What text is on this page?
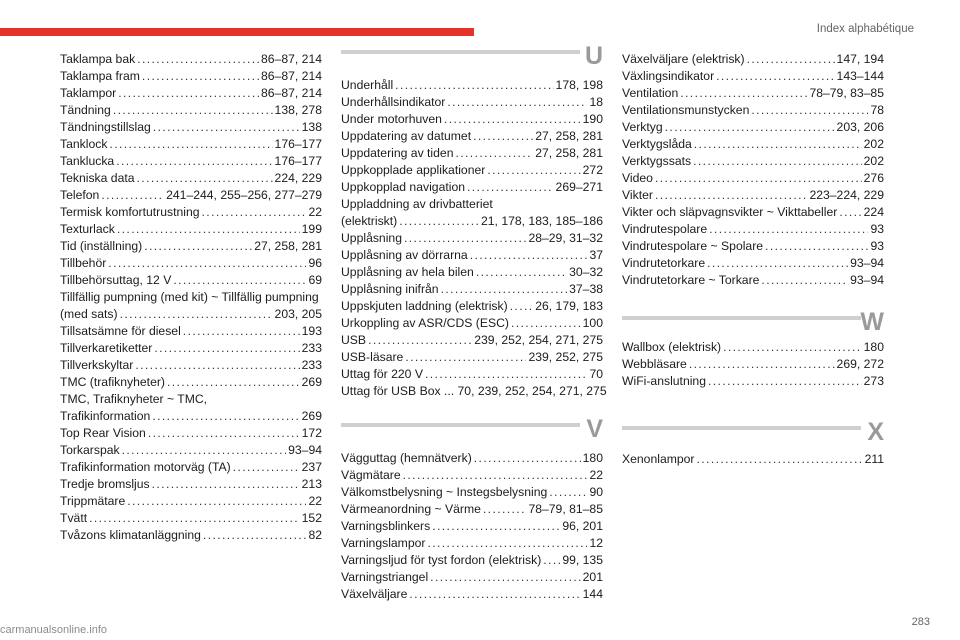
Index alphabétique
Taklampa bak . . .	86–87, 214
Taklampa fram . . .	86–87, 214
Taklampor . . .	86–87, 214
Tändning . . .	138, 278
Tändningstillslag . . .	138
Tanklock . . .	176–177
Tanklucka . . .	176–177
Tekniska data . . .	224, 229
Telefon . . .	241–244, 255–256, 277–279
Termisk komfortutrustning . . .	22
Texturlack . . .	199
Tid (inställning) . . .	27, 258, 281
Tillbehör . . .	96
Tillbehörsuttag, 12 V . . .	69
Tillfällig pumpning (med kit) ~ Tillfällig pumpning
(med sats) . . .	203, 205
Tillsatsämne för diesel . . .	193
Tillverkaretiketter . . .	233
Tillverkskyltar . . .	233
TMC (trafiknyheter) . . .	269
TMC, Trafiknyheter ~ TMC,
Trafikinformation . . .	269
Top Rear Vision . . .	172
Torkarspak . . .	93–94
Trafikinformation motorväg (TA) . . .	237
Tredje bromsljus . . .	213
Trippmätare . . .	22
Tvätt . . .	152
Tvåzons klimatanläggning . . .	82
U
Underhåll . . .	178, 198
Underhållsindikator . . .	18
Under motorhuven . . .	190
Uppdatering av datumet . . .	27, 258, 281
Uppdatering av tiden . . .	27, 258, 281
Uppkopplade applikationer . . .	272
Uppkopplad navigation . . .	269–271
Uppladdning av drivbatteriet
(elektriskt) . . .	21, 178, 183, 185–186
Upplåsning . . .	28–29, 31–32
Upplåsning av dörrarna . . .	37
Upplåsning av hela bilen . . .	30–32
Upplåsning inifrån . . .	37–38
Uppskjuten laddning (elektrisk) . . . 26, 179, 183
Urkoppling av ASR/CDS (ESC) . . .	100
USB . . .	239, 252, 254, 271, 275
USB-läsare . . .	239, 252, 275
Uttag för 220 V . . .	70
Uttag för USB Box ... 70, 239, 252, 254, 271, 275
V
Vägguttag (hemnätverk) . . .	180
Vägmätare . . .	22
Välkomstbelysning ~ Instegsbelysning . . .	90
Värmeanordning ~ Värme . . .	78–79, 81–85
Varningsblinkers . . .	96, 201
Varningslampor . . .	12
Varningsljud för tyst fordon (elektrisk) . . . 99, 135
Varningstriangel . . .	201
Växelväljare . . .	144
Växelväljare (elektrisk) . . .	147, 194
Växlingsindikator . . .	143–144
Ventilation . . .	78–79, 83–85
Ventilationsmunstycken . . .	78
Verktyg . . .	203, 206
Verktygslåda . . .	202
Verktygssats . . .	202
Video . . .	276
Vikter . . .	223–224, 229
Vikter och släpvagnsvikter ~ Vikttabeller . . . 224
Vindrutespolare . . .	93
Vindrutespolare ~ Spolare . . .	93
Vindrutetorkare . . .	93–94
Vindrutetorkare ~ Torkare . . .	93–94
W
Wallbox (elektrisk) . . .	180
Webbläsare . . .	269, 272
WiFi-anslutning . . .	273
X
Xenonlampor . . .	211
283
carmanualsonline.info
